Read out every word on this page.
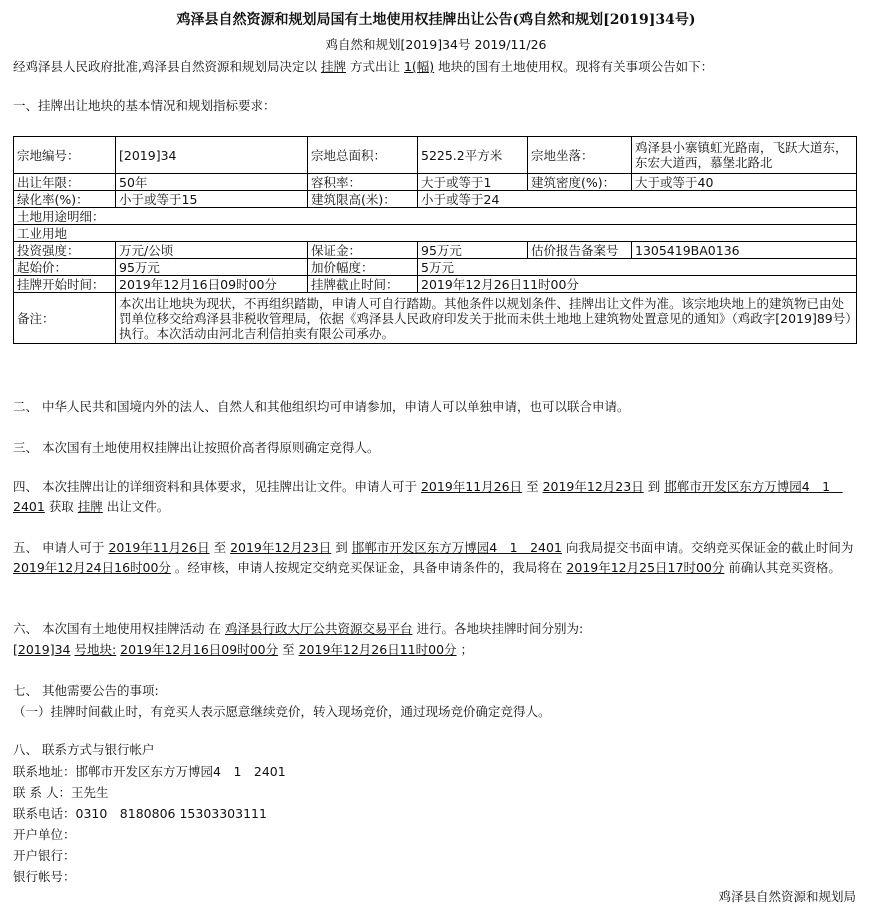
鸡泽县自然资源和规划局国有土地使用权挂牌出让公告(鸡自然和规划[2019]34号)
鸡自然和规划[2019]34号 2019/11/26
经鸡泽县人民政府批准,鸡泽县自然资源和规划局决定以 挂牌 方式出让 1(幅) 地块的国有土地使用权。现将有关事项公告如下：
一、挂牌出让地块的基本情况和规划指标要求：
宗地编号：	[2019]34	宗地总面积：	5225.2平方米	宗地坐落：	鸡泽县小寨镇虹光路南，飞跃大道东，东宏大道西，慕堡北路北
出让年限：	50年	容积率：	大于或等于1	建筑密度(%)：	大于或等于40
绿化率(%)：	小于或等于15	建筑限高(米)：	小于或等于24		
土地用途明细：					
工业用地					
投资强度：	万元/公顷	保证金：	95万元	估价报告备案号	1305419BA0136
起始价：	95万元	加价幅度：	5万元		
挂牌开始时间：	2019年12月16日09时00分	挂牌截止时间：	2019年12月26日11时00分		
备注：	本次出让地块为现状，不再组织踏勘，申请人可自行踏勘。其他条件以规划条件、挂牌出让文件为准。该宗地块地上的建筑物已由处罚单位移交给鸡泽县非税收管理局，依据《鸡泽县人民政府印发关于批而未供土地地上建筑物处置意见的通知》（鸡政字[2019]89号）执行。本次活动由河北吉利信拍卖有限公司承办。				
二、 中华人民共和国境内外的法人、自然人和其他组织均可申请参加，申请人可以单独申请，也可以联合申请。
三、 本次国有土地使用权挂牌出让按照价高者得原则确定竞得人。
四、 本次挂牌出让的详细资料和具体要求，见挂牌出让文件。申请人可于 2019年11月26日 至 2019年12月23日 到 邯郸市开发区东方万博园4　1　2401 获取 挂牌 出让文件。
五、 申请人可于 2019年11月26日 至 2019年12月23日 到 邯郸市开发区东方万博园4　1　2401 向我局提交书面申请。交纳竞买保证金的截止时间为 2019年12月24日16时00分 。经审核，申请人按规定交纳竞买保证金，具备申请条件的，我局将在 2019年12月25日17时00分 前确认其竞买资格。
六、 本次国有土地使用权挂牌活动 在 鸡泽县行政大厅公共资源交易平台 进行。各地块挂牌时间分别为:
[2019]34 号地块: 2019年12月16日09时00分 至 2019年12月26日11时00分 ；
七、 其他需要公告的事项:
（一）挂牌时间截止时，有竞买人表示愿意继续竞价，转入现场竞价，通过现场竞价确定竞得人。
八、 联系方式与银行帐户
联系地址：邯郸市开发区东方万博园4　1　2401
联 系 人：王先生
联系电话：0310　8180806 15303303111
开户单位：
开户银行：
银行帐号：
鸡泽县自然资源和规划局
